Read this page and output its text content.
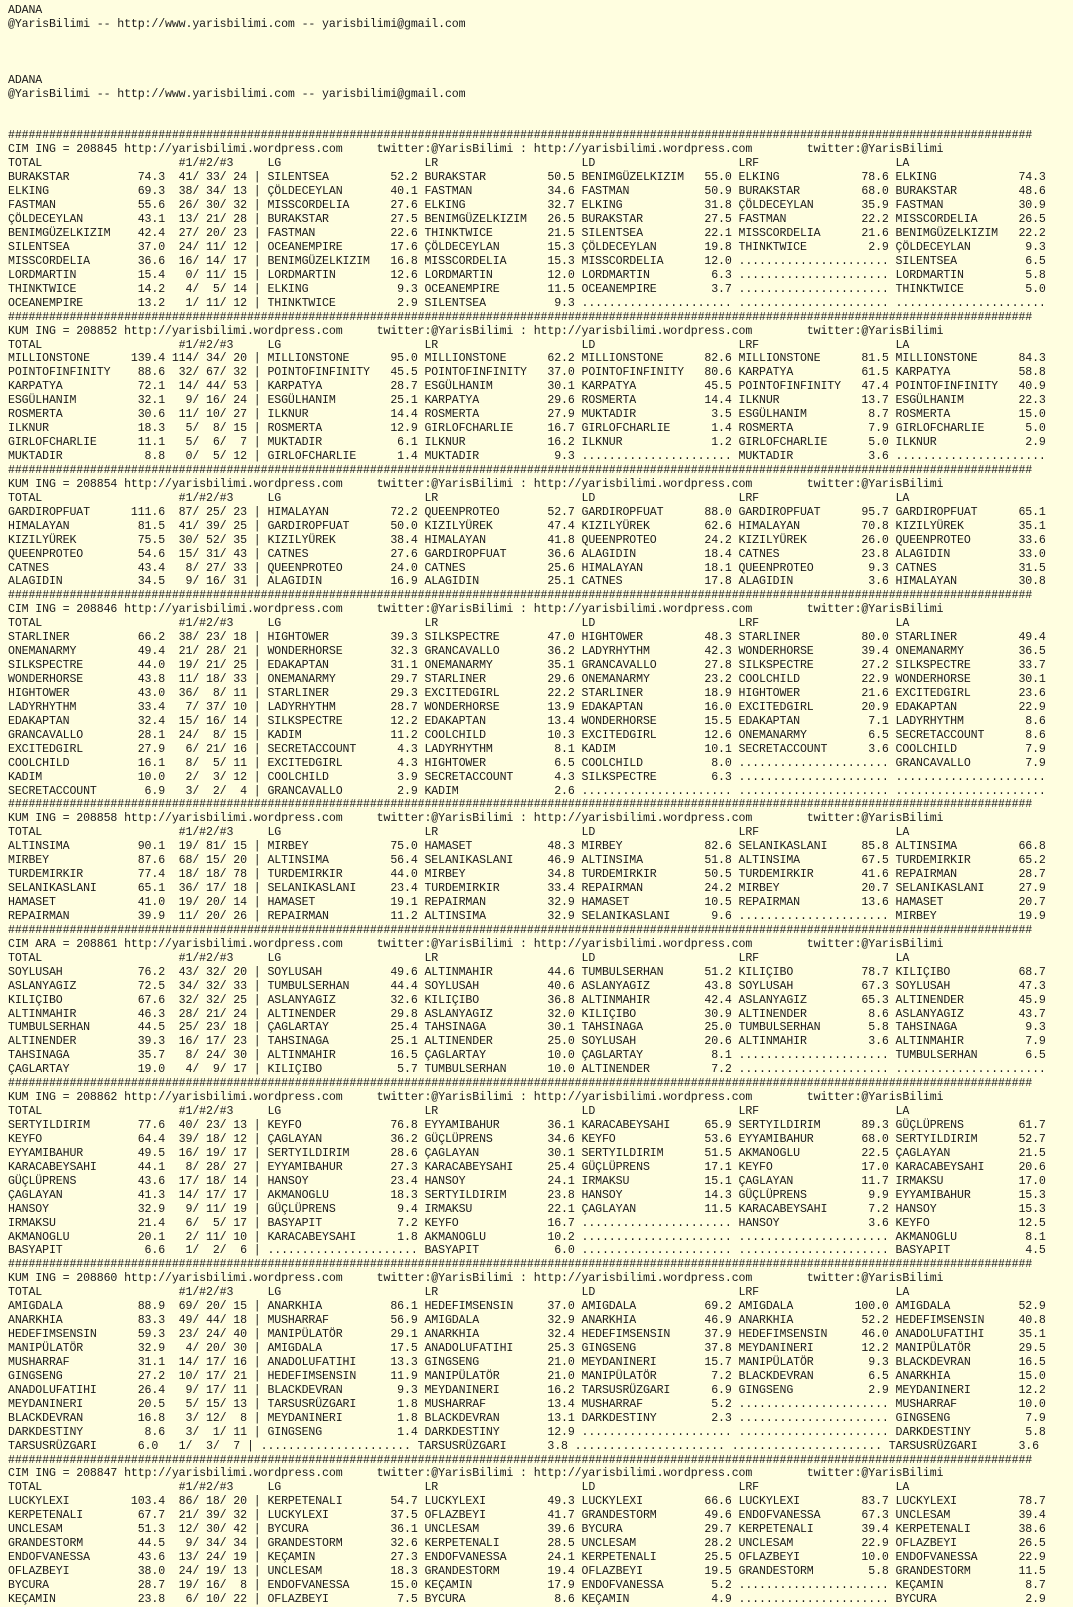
ADANA
@YarisBilimi -- http://www.yarisbilimi.com -- yarisbilimi@gmail.com
ADANA
@YarisBilimi -- http://www.yarisbilimi.com -- yarisbilimi@gmail.com
######################################################################################################################################################
CIM ING = 208845 http://yarisbilimi.wordpress.com     twitter:@YarisBilimi : http://yarisbilimi.wordpress.com        twitter:@YarisBilimi
TOTAL                    #1/#2/#3     LG                     LR                     LD                     LRF                    LA
BURAKSTAR          74.3  41/ 33/ 24 | SILENTSEA         52.2 BURAKSTAR         50.5 BENIMGÜZELKIZIM   55.0 ELKING            78.6 ELKING            74.3
ELKING             69.3  38/ 34/ 13 | ÇÖLDECEYLAN       40.1 FASTMAN           34.6 FASTMAN           50.9 BURAKSTAR         68.0 BURAKSTAR         48.6
FASTMAN            55.6  26/ 30/ 32 | MISSCORDELIA      27.6 ELKING            32.7 ELKING            31.8 ÇÖLDECEYLAN       35.9 FASTMAN           30.9
ÇÖLDECEYLAN        43.1  13/ 21/ 28 | BURAKSTAR         27.5 BENIMGÜZELKIZIM   26.5 BURAKSTAR         27.5 FASTMAN           22.2 MISSCORDELIA      26.5
BENIMGÜZELKIZIM    42.4  27/ 20/ 23 | FASTMAN           22.6 THINKTWICE        21.5 SILENTSEA         22.1 MISSCORDELIA      21.6 BENIMGÜZELKIZIM   22.2
SILENTSEA          37.0  24/ 11/ 12 | OCEANEMPIRE       17.6 ÇÖLDECEYLAN       15.3 ÇÖLDECEYLAN       19.8 THINKTWICE         2.9 ÇÖLDECEYLAN        9.3
MISSCORDELIA       36.6  16/ 14/ 17 | BENIMGÜZELKIZIM   16.8 MISSCORDELIA      15.3 MISSCORDELIA      12.0 ...................... SILENTSEA          6.5
LORDMARTIN         15.4   0/ 11/ 15 | LORDMARTIN        12.6 LORDMARTIN        12.0 LORDMARTIN         6.3 ...................... LORDMARTIN         5.8
THINKTWICE         14.2   4/  5/ 14 | ELKING             9.3 OCEANEMPIRE       11.5 OCEANEMPIRE        3.7 ...................... THINKTWICE         5.0
OCEANEMPIRE        13.2   1/ 11/ 12 | THINKTWICE         2.9 SILENTSEA          9.3 ...................... ...................... ......................
######################################################################################################################################################
KUM ING = 208852 http://yarisbilimi.wordpress.com     twitter:@YarisBilimi : http://yarisbilimi.wordpress.com        twitter:@YarisBilimi
TOTAL                    #1/#2/#3     LG                     LR                     LD                     LRF                    LA
MILLIONSTONE      139.4 114/ 34/ 20 | MILLIONSTONE      95.0 MILLIONSTONE      62.2 MILLIONSTONE      82.6 MILLIONSTONE      81.5 MILLIONSTONE      84.3
POINTOFINFINITY    88.6  32/ 67/ 32 | POINTOFINFINITY   45.5 POINTOFINFINITY   37.0 POINTOFINFINITY   80.6 KARPATYA          61.5 KARPATYA          58.8
KARPATYA           72.1  14/ 44/ 53 | KARPATYA          28.7 ESGÜLHANIM        30.1 KARPATYA          45.5 POINTOFINFINITY   47.4 POINTOFINFINITY   40.9
ESGÜLHANIM         32.1   9/ 16/ 24 | ESGÜLHANIM        25.1 KARPATYA          29.6 ROSMERTA          14.4 ILKNUR            13.7 ESGÜLHANIM        22.3
ROSMERTA           30.6  11/ 10/ 27 | ILKNUR            14.4 ROSMERTA          27.9 MUKTADIR           3.5 ESGÜLHANIM         8.7 ROSMERTA          15.0
ILKNUR             18.3   5/  8/ 15 | ROSMERTA          12.9 GIRLOFCHARLIE     16.7 GIRLOFCHARLIE      1.4 ROSMERTA           7.9 GIRLOFCHARLIE      5.0
GIRLOFCHARLIE      11.1   5/  6/  7 | MUKTADIR           6.1 ILKNUR            16.2 ILKNUR             1.2 GIRLOFCHARLIE      5.0 ILKNUR             2.9
MUKTADIR            8.8   0/  5/ 12 | GIRLOFCHARLIE      1.4 MUKTADIR           9.3 ...................... MUKTADIR           3.6 ......................
######################################################################################################################################################
KUM ING = 208854 http://yarisbilimi.wordpress.com     twitter:@YarisBilimi : http://yarisbilimi.wordpress.com        twitter:@YarisBilimi
TOTAL                    #1/#2/#3     LG                     LR                     LD                     LRF                    LA
GARDIROPFUAT      111.6  87/ 25/ 23 | HIMALAYAN         72.2 QUEENPROTEO       52.7 GARDIROPFUAT      88.0 GARDIROPFUAT      95.7 GARDIROPFUAT      65.1
HIMALAYAN          81.5  41/ 39/ 25 | GARDIROPFUAT      50.0 KIZILYÜREK        47.4 KIZILYÜREK        62.6 HIMALAYAN         70.8 KIZILYÜREK        35.1
KIZILYÜREK         75.5  30/ 52/ 35 | KIZILYÜREK        38.4 HIMALAYAN         41.8 QUEENPROTEO       24.2 KIZILYÜREK        26.0 QUEENPROTEO       33.6
QUEENPROTEO        54.6  15/ 31/ 43 | CATNES            27.6 GARDIROPFUAT      36.6 ALAGIDIN          18.4 CATNES            23.8 ALAGIDIN          33.0
CATNES             43.4   8/ 27/ 33 | QUEENPROTEO       24.0 CATNES            25.6 HIMALAYAN         18.1 QUEENPROTEO        9.3 CATNES            31.5
ALAGIDIN           34.5   9/ 16/ 31 | ALAGIDIN          16.9 ALAGIDIN          25.1 CATNES            17.8 ALAGIDIN           3.6 HIMALAYAN         30.8
######################################################################################################################################################
CIM ING = 208846 http://yarisbilimi.wordpress.com     twitter:@YarisBilimi : http://yarisbilimi.wordpress.com        twitter:@YarisBilimi
TOTAL                    #1/#2/#3     LG                     LR                     LD                     LRF                    LA
STARLINER          66.2  38/ 23/ 18 | HIGHTOWER         39.3 SILKSPECTRE       47.0 HIGHTOWER         48.3 STARLINER         80.0 STARLINER         49.4
ONEMANARMY         49.4  21/ 28/ 21 | WONDERHORSE       32.3 GRANCAVALLO       36.2 LADYRHYTHM        42.3 WONDERHORSE       39.4 ONEMANARMY        36.5
SILKSPECTRE        44.0  19/ 21/ 25 | EDAKAPTAN         31.1 ONEMANARMY        35.1 GRANCAVALLO       27.8 SILKSPECTRE       27.2 SILKSPECTRE       33.7
WONDERHORSE        43.8  11/ 18/ 33 | ONEMANARMY        29.7 STARLINER         29.6 ONEMANARMY        23.2 COOLCHILD         22.9 WONDERHORSE       30.1
HIGHTOWER          43.0  36/  8/ 11 | STARLINER         29.3 EXCITEDGIRL       22.2 STARLINER         18.9 HIGHTOWER         21.6 EXCITEDGIRL       23.6
LADYRHYTHM         33.4   7/ 37/ 10 | LADYRHYTHM        28.7 WONDERHORSE       13.9 EDAKAPTAN         16.0 EXCITEDGIRL       20.9 EDAKAPTAN         22.9
EDAKAPTAN          32.4  15/ 16/ 14 | SILKSPECTRE       12.2 EDAKAPTAN         13.4 WONDERHORSE       15.5 EDAKAPTAN          7.1 LADYRHYTHM         8.6
GRANCAVALLO        28.1  24/  8/ 15 | KADIM             11.2 COOLCHILD         10.3 EXCITEDGIRL       12.6 ONEMANARMY         6.5 SECRETACCOUNT      8.6
EXCITEDGIRL        27.9   6/ 21/ 16 | SECRETACCOUNT      4.3 LADYRHYTHM         8.1 KADIM             10.1 SECRETACCOUNT      3.6 COOLCHILD          7.9
COOLCHILD          16.1   8/  5/ 11 | EXCITEDGIRL        4.3 HIGHTOWER          6.5 COOLCHILD          8.0 ...................... GRANCAVALLO        7.9
KADIM              10.0   2/  3/ 12 | COOLCHILD          3.9 SECRETACCOUNT      4.3 SILKSPECTRE        6.3 ...................... ......................
SECRETACCOUNT       6.9   3/  2/  4 | GRANCAVALLO        2.9 KADIM              2.6 ...................... ...................... ......................
######################################################################################################################################################
KUM ING = 208858 http://yarisbilimi.wordpress.com     twitter:@YarisBilimi : http://yarisbilimi.wordpress.com        twitter:@YarisBilimi
TOTAL                    #1/#2/#3     LG                     LR                     LD                     LRF                    LA
ALTINSIMA          90.1  19/ 81/ 15 | MIRBEY            75.0 HAMASET           48.3 MIRBEY            82.6 SELANIKASLANI     85.8 ALTINSIMA         66.8
MIRBEY             87.6  68/ 15/ 20 | ALTINSIMA         56.4 SELANIKASLANI     46.9 ALTINSIMA         51.8 ALTINSIMA         67.5 TURDEMIRKIR       65.2
TURDEMIRKIR        77.4  18/ 18/ 78 | TURDEMIRKIR       44.0 MIRBEY            34.8 TURDEMIRKIR       50.5 TURDEMIRKIR       41.6 REPAIRMAN         28.7
SELANIKASLANI      65.1  36/ 17/ 18 | SELANIKASLANI     23.4 TURDEMIRKIR       33.4 REPAIRMAN         24.2 MIRBEY            20.7 SELANIKASLANI     27.9
HAMASET            41.0  19/ 20/ 14 | HAMASET           19.1 REPAIRMAN         32.9 HAMASET           10.5 REPAIRMAN         13.6 HAMASET           20.7
REPAIRMAN          39.9  11/ 20/ 26 | REPAIRMAN         11.2 ALTINSIMA         32.9 SELANIKASLANI      9.6 ...................... MIRBEY            19.9
######################################################################################################################################################
CIM ARA = 208861 http://yarisbilimi.wordpress.com     twitter:@YarisBilimi : http://yarisbilimi.wordpress.com        twitter:@YarisBilimi
TOTAL                    #1/#2/#3     LG                     LR                     LD                     LRF                    LA
SOYLUSAH           76.2  43/ 32/ 20 | SOYLUSAH          49.6 ALTINMAHIR        44.6 TUMBULSERHAN      51.2 KILIÇIBO          78.7 KILIÇIBO          68.7
ASLANYAGIZ         72.5  34/ 32/ 33 | TUMBULSERHAN      44.4 SOYLUSAH          40.6 ASLANYAGIZ        43.8 SOYLUSAH          67.3 SOYLUSAH          47.3
KILIÇIBO           67.6  32/ 32/ 25 | ASLANYAGIZ        32.6 KILIÇIBO          36.8 ALTINMAHIR        42.4 ASLANYAGIZ        65.3 ALTINENDER        45.9
ALTINMAHIR         46.3  28/ 21/ 24 | ALTINENDER        29.8 ASLANYAGIZ        32.0 KILIÇIBO          30.9 ALTINENDER         8.6 ASLANYAGIZ        43.7
TUMBULSERHAN       44.5  25/ 23/ 18 | ÇAGLARTAY         25.4 TAHSINAGA         30.1 TAHSINAGA         25.0 TUMBULSERHAN       5.8 TAHSINAGA          9.3
ALTINENDER         39.3  16/ 17/ 23 | TAHSINAGA         25.1 ALTINENDER        25.0 SOYLUSAH          20.6 ALTINMAHIR         3.6 ALTINMAHIR         7.9
TAHSINAGA          35.7   8/ 24/ 30 | ALTINMAHIR        16.5 ÇAGLARTAY         10.0 ÇAGLARTAY          8.1 ...................... TUMBULSERHAN       6.5
ÇAGLARTAY          19.0   4/  9/ 17 | KILIÇIBO           5.7 TUMBULSERHAN      10.0 ALTINENDER         7.2 ...................... ......................
######################################################################################################################################################
KUM ING = 208862 http://yarisbilimi.wordpress.com     twitter:@YarisBilimi : http://yarisbilimi.wordpress.com        twitter:@YarisBilimi
TOTAL                    #1/#2/#3     LG                     LR                     LD                     LRF                    LA
SERTYILDIRIM       77.6  40/ 23/ 13 | KEYFO             76.8 EYYAMIBAHUR       36.1 KARACABEYSAHI     65.9 SERTYILDIRIM      89.3 GÜÇLÜPRENS        61.7
KEYFO              64.4  39/ 18/ 12 | ÇAGLAYAN          36.2 GÜÇLÜPRENS        34.6 KEYFO             53.6 EYYAMIBAHUR       68.0 SERTYILDIRIM      52.7
EYYAMIBAHUR        49.5  16/ 19/ 17 | SERTYILDIRIM      28.6 ÇAGLAYAN          30.1 SERTYILDIRIM      51.5 AKMANOGLU         22.5 ÇAGLAYAN          21.5
KARACABEYSAHI      44.1   8/ 28/ 27 | EYYAMIBAHUR       27.3 KARACABEYSAHI     25.4 GÜÇLÜPRENS        17.1 KEYFO             17.0 KARACABEYSAHI     20.6
GÜÇLÜPRENS         43.6  17/ 18/ 14 | HANSOY            23.4 HANSOY            24.1 IRMAKSU           15.1 ÇAGLAYAN          11.7 IRMAKSU           17.0
ÇAGLAYAN           41.3  14/ 17/ 17 | AKMANOGLU         18.3 SERTYILDIRIM      23.8 HANSOY            14.3 GÜÇLÜPRENS         9.9 EYYAMIBAHUR       15.3
HANSOY             32.9   9/ 11/ 19 | GÜÇLÜPRENS         9.4 IRMAKSU           22.1 ÇAGLAYAN          11.5 KARACABEYSAHI      7.2 HANSOY            15.3
IRMAKSU            21.4   6/  5/ 17 | BASYAPIT           7.2 KEYFO             16.7 ...................... HANSOY             3.6 KEYFO             12.5
AKMANOGLU          20.1   2/ 11/ 10 | KARACABEYSAHI      1.8 AKMANOGLU         10.2 ...................... ...................... AKMANOGLU          8.1
BASYAPIT            6.6   1/  2/  6 | ...................... BASYAPIT           6.0 ...................... ...................... BASYAPIT           4.5
######################################################################################################################################################
KUM ING = 208860 http://yarisbilimi.wordpress.com     twitter:@YarisBilimi : http://yarisbilimi.wordpress.com        twitter:@YarisBilimi
TOTAL                    #1/#2/#3     LG                     LR                     LD                     LRF                    LA
AMIGDALA           88.9  69/ 20/ 15 | ANARKHIA          86.1 HEDEFIMSENSIN     37.0 AMIGDALA          69.2 AMIGDALA         100.0 AMIGDALA          52.9
ANARKHIA           83.3  49/ 44/ 18 | MUSHARRAF         56.9 AMIGDALA          32.9 ANARKHIA          46.9 ANARKHIA          52.2 HEDEFIMSENSIN     40.8
HEDEFIMSENSIN      59.3  23/ 24/ 40 | MANIPÜLATÖR       29.1 ANARKHIA          32.4 HEDEFIMSENSIN     37.9 HEDEFIMSENSIN     46.0 ANADOLUFATIHI     35.1
MANIPÜLATÖR        32.9   4/ 20/ 30 | AMIGDALA          17.5 ANADOLUFATIHI     25.3 GINGSENG          37.8 MEYDANINERI       12.2 MANIPÜLATÖR       29.5
MUSHARRAF          31.1  14/ 17/ 16 | ANADOLUFATIHI     13.3 GINGSENG          21.0 MEYDANINERI       15.7 MANIPÜLATÖR        9.3 BLACKDEVRAN       16.5
GINGSENG           27.2  10/ 17/ 21 | HEDEFIMSENSIN     11.9 MANIPÜLATÖR       21.0 MANIPÜLATÖR        7.2 BLACKDEVRAN        6.5 ANARKHIA          15.0
ANADOLUFATIHI      26.4   9/ 17/ 11 | BLACKDEVRAN        9.3 MEYDANINERI       16.2 TARSUSRÜZGARI      6.9 GINGSENG           2.9 MEYDANINERI       12.2
MEYDANINERI        20.5   5/ 15/ 13 | TARSUSRÜZGARI      1.8 MUSHARRAF         13.4 MUSHARRAF          5.2 ...................... MUSHARRAF         10.0
BLACKDEVRAN        16.8   3/ 12/  8 | MEYDANINERI        1.8 BLACKDEVRAN       13.1 DARKDESTINY        2.3 ...................... GINGSENG           7.9
DARKDESTINY         8.6   3/  1/ 11 | GINGSENG           1.4 DARKDESTINY       12.9 ...................... ...................... DARKDESTINY        5.8
TARSUSRÜZGARI      6.0   1/  3/  7 | ...................... TARSUSRÜZGARI      3.8 ...................... ...................... TARSUSRÜZGARI      3.6
######################################################################################################################################################
CIM ING = 208847 http://yarisbilimi.wordpress.com     twitter:@YarisBilimi : http://yarisbilimi.wordpress.com        twitter:@YarisBilimi
TOTAL                    #1/#2/#3     LG                     LR                     LD                     LRF                    LA
LUCKYLEXI         103.4  86/ 18/ 20 | KERPETENALI       54.7 LUCKYLEXI         49.3 LUCKYLEXI         66.6 LUCKYLEXI         83.7 LUCKYLEXI         78.7
KERPETENALI        67.7  21/ 39/ 32 | LUCKYLEXI         37.5 OFLAZBEYI         41.7 GRANDESTORM       49.6 ENDOFVANESSA      67.3 UNCLESAM          39.4
UNCLESAM           51.3  12/ 30/ 42 | BYCURA            36.1 UNCLESAM          39.6 BYCURA            29.7 KERPETENALI       39.4 KERPETENALI       38.6
GRANDESTORM        44.5   9/ 34/ 34 | GRANDESTORM       32.6 KERPETENALI       28.5 UNCLESAM          28.2 UNCLESAM          22.9 OFLAZBEYI         26.5
ENDOFVANESSA       43.6  13/ 24/ 19 | KEÇAMIN           27.3 ENDOFVANESSA      24.1 KERPETENALI       25.5 OFLAZBEYI         10.0 ENDOFVANESSA      22.9
OFLAZBEYI          38.0  24/ 19/ 13 | UNCLESAM          18.3 GRANDESTORM       19.4 OFLAZBEYI         19.5 GRANDESTORM        5.8 GRANDESTORM       11.5
BYCURA             28.7  19/ 16/  8 | ENDOFVANESSA      15.0 KEÇAMIN           17.9 ENDOFVANESSA       5.2 ...................... KEÇAMIN            8.7
KEÇAMIN            23.8   6/ 10/ 22 | OFLAZBEYI          7.5 BYCURA             8.6 KEÇAMIN            4.9 ...................... BYCURA             2.9
